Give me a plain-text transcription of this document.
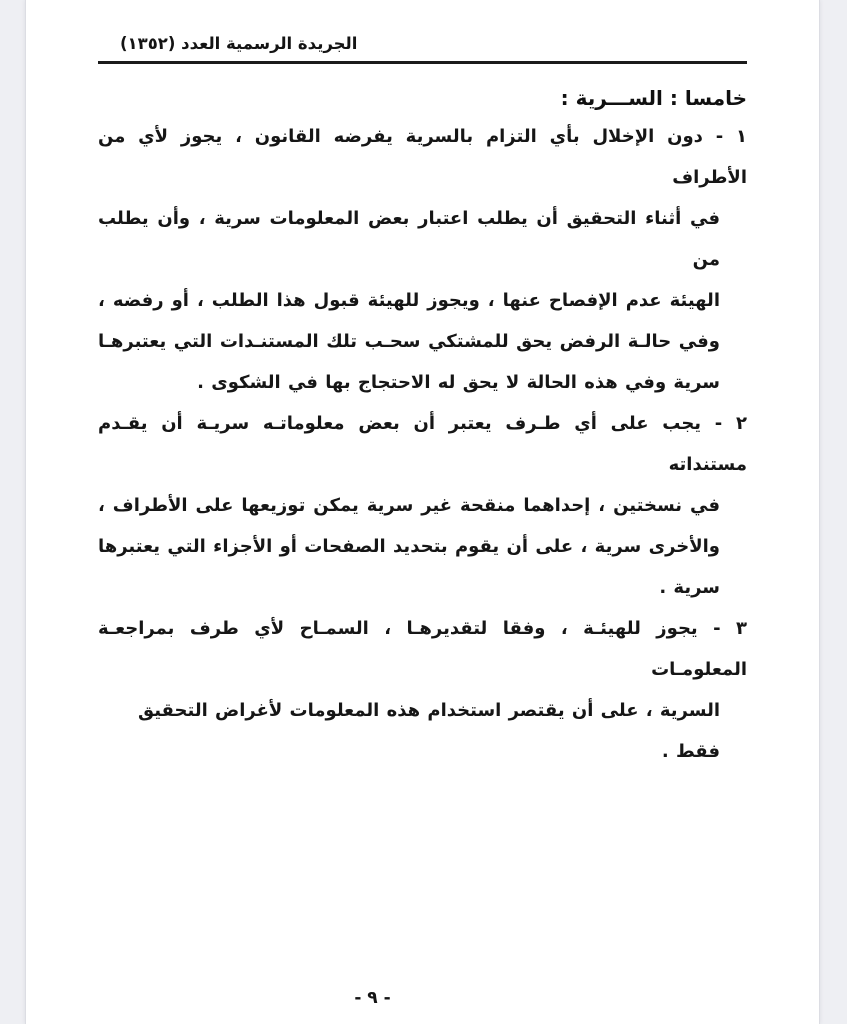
الجريدة الرسمية العدد (١٣٥٢)
خامسا : الســـرية :
١ - دون الإخلال بأي التزام بالسرية يفرضه القانون ، يجوز لأي من الأطراف
في أثناء التحقيق أن يطلب اعتبار بعض المعلومات سرية ، وأن يطلب من
الهيئة عدم الإفصاح عنها ، ويجوز للهيئة قبول هذا الطلب ، أو رفضه ،
وفي حالـة الرفض يحق للمشتكي سحـب تلك المستنـدات التي يعتبرهـا
سرية وفي هذه الحالة لا يحق له الاحتجاج بها في الشكوى .
٢ - يجب على أي طـرف يعتبر أن بعض معلوماتـه سريـة أن يقـدم مستنداته
في نسختين ، إحداهما منقحة غير سرية يمكن توزيعها على الأطراف ،
والأخرى سرية ، على أن يقوم بتحديد الصفحات أو الأجزاء التي يعتبرها
سرية .
٣ - يجوز للهيئـة ، وفقا لتقديرهـا ، السمـاح لأي طرف بمراجعـة المعلومـات
السرية ، على أن يقتصر استخدام هذه المعلومات لأغراض التحقيق فقط .
- ٩ -
